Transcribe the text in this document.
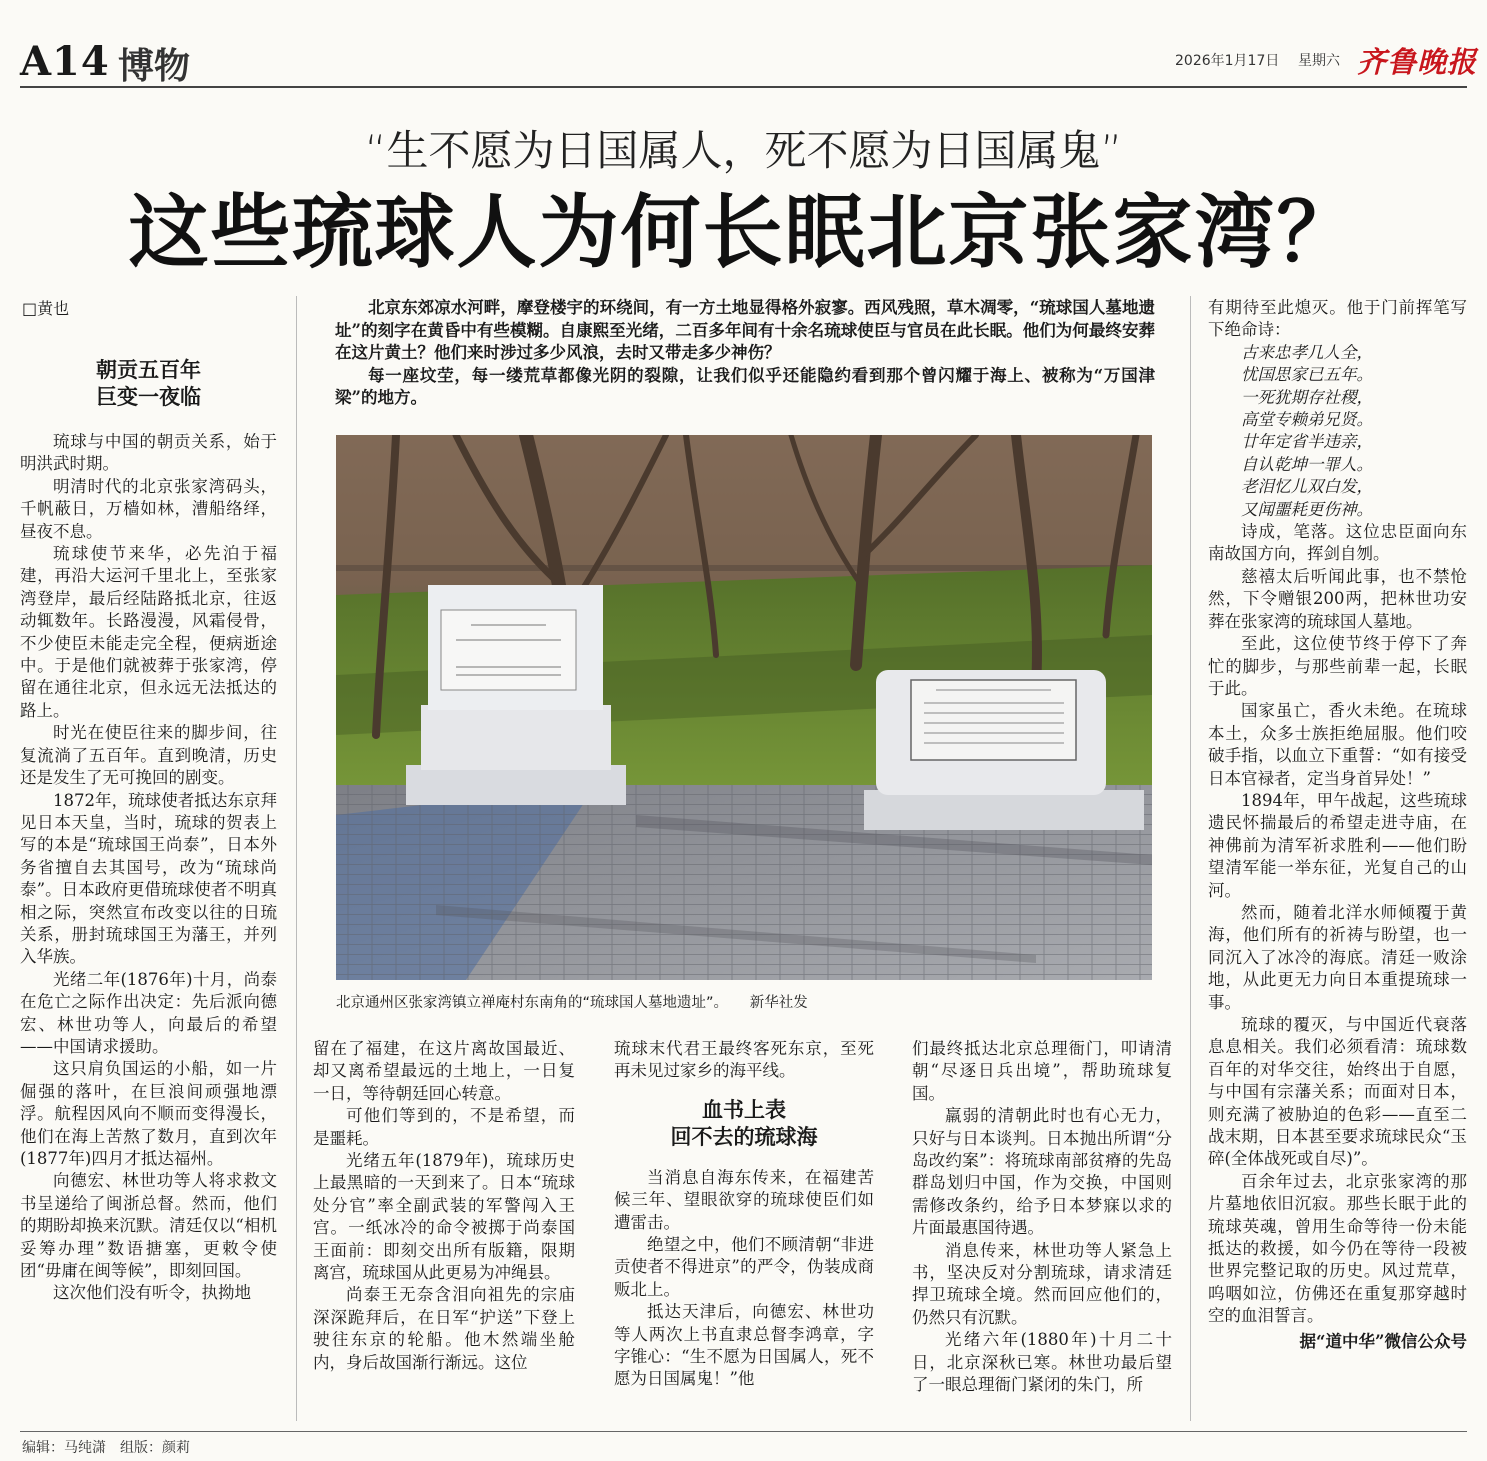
A14 博物	2026年1月17日 星期六 齐鲁晚报
“生不愿为日国属人，死不愿为日国属鬼”
这些琉球人为何长眠北京张家湾？
□黄也
朝贡五百年
巨变一夜临

琉球与中国的朝贡关系，始于明洪武时期。

明清时代的北京张家湾码头，千帆蔽日，万樯如林，漕船络绎，昼夜不息。

琉球使节来华，必先泊于福建，再沿大运河千里北上，至张家湾登岸，最后经陆路抵北京，往返动辄数年。长路漫漫，风霜侵骨，不少使臣未能走完全程，便病逝途中。于是他们就被葬于张家湾，停留在通往北京，但永远无法抵达的路上。

时光在使臣往来的脚步间，往复流淌了五百年。直到晚清，历史还是发生了无可挽回的剧变。

1872年，琉球使者抵达东京拜见日本天皇，当时，琉球的贺表上写的本是“琉球国王尚泰”，日本外务省擅自去其国号，改为“琉球尚泰”。日本政府更借琉球使者不明真相之际，突然宣布改变以往的日琉关系，册封琉球国王为藩王，并列入华族。

光绪二年(1876年)十月，尚泰在危亡之际作出决定：先后派向德宏、林世功等人，向最后的希望——中国请求援助。

这只肩负国运的小船，如一片倔强的落叶，在巨浪间顽强地漂浮。航程因风向不顺而变得漫长，他们在海上苦熬了数月，直到次年(1877年)四月才抵达福州。

向德宏、林世功等人将求救文书呈递给了闽浙总督。然而，他们的期盼却换来沉默。清廷仅以“相机妥筹办理”数语搪塞，更敕令使团“毋庸在闽等候”，即刻回国。

这次他们没有听令，执拗地

北京东郊凉水河畔，摩登楼宇的环绕间，有一方土地显得格外寂寥。西风残照，草木凋零，“琉球国人墓地遗址”的刻字在黄昏中有些模糊。自康熙至光绪，二百多年间有十余名琉球使臣与官员在此长眠。他们为何最终安葬在这片黄土？他们来时涉过多少风浪，去时又带走多少神伤？

每一座坟茔，每一缕荒草都像光阴的裂隙，让我们似乎还能隐约看到那个曾闪耀于海上、被称为“万国津梁”的地方。

北京通州区张家湾镇立禅庵村东南角的“琉球国人墓地遗址”。　　新华社发

留在了福建，在这片离故国最近、却又离希望最远的土地上，一日复一日，等待朝廷回心转意。

可他们等到的，不是希望，而是噩耗。

光绪五年(1879年)，琉球历史上最黑暗的一天到来了。日本“琉球处分官”率全副武装的军警闯入王宫。一纸冰冷的命令被掷于尚泰国王面前：即刻交出所有版籍，限期离宫，琉球国从此更易为冲绳县。

尚泰王无奈含泪向祖先的宗庙深深跪拜后，在日军“护送”下登上驶往东京的轮船。他木然端坐舱内，身后故国渐行渐远。这位

琉球末代君王最终客死东京，至死再未见过家乡的海平线。

血书上表
回不去的琉球海

当消息自海东传来，在福建苦候三年、望眼欲穿的琉球使臣们如遭雷击。

绝望之中，他们不顾清朝“非进贡使者不得进京”的严令，伪装成商贩北上。

抵达天津后，向德宏、林世功等人两次上书直隶总督李鸿章，字字锥心：“生不愿为日国属人，死不愿为日国属鬼！”他

们最终抵达北京总理衙门，叩请清朝“尽逐日兵出境”，帮助琉球复国。

羸弱的清朝此时也有心无力，只好与日本谈判。日本抛出所谓“分岛改约案”：将琉球南部贫瘠的先岛群岛划归中国，作为交换，中国则需修改条约，给予日本梦寐以求的片面最惠国待遇。

消息传来，林世功等人紧急上书，坚决反对分割琉球，请求清廷捍卫琉球全境。然而回应他们的，仍然只有沉默。

光绪六年(1880年)十月二十日，北京深秋已寒。林世功最后望了一眼总理衙门紧闭的朱门，所

有期待至此熄灭。他于门前挥笔写下绝命诗：

古来忠孝几人全，

忧国思家已五年。

一死犹期存社稷，

高堂专赖弟兄贤。

廿年定省半违亲，

自认乾坤一罪人。

老泪忆儿双白发，

又闻噩耗更伤神。

诗成，笔落。这位忠臣面向东南故国方向，挥剑自刎。

慈禧太后听闻此事，也不禁怆然，下令赠银200两，把林世功安葬在张家湾的琉球国人墓地。

至此，这位使节终于停下了奔忙的脚步，与那些前辈一起，长眠于此。

国家虽亡，香火未绝。在琉球本土，众多士族拒绝屈服。他们咬破手指，以血立下重誓：“如有接受日本官禄者，定当身首异处！”

1894年，甲午战起，这些琉球遗民怀揣最后的希望走进寺庙，在神佛前为清军祈求胜利——他们盼望清军能一举东征，光复自己的山河。

然而，随着北洋水师倾覆于黄海，他们所有的祈祷与盼望，也一同沉入了冰冷的海底。清廷一败涂地，从此更无力向日本重提琉球一事。

琉球的覆灭，与中国近代衰落息息相关。我们必须看清：琉球数百年的对华交往，始终出于自愿，与中国有宗藩关系；而面对日本，则充满了被胁迫的色彩——直至二战末期，日本甚至要求琉球民众“玉碎(全体战死或自尽)”。

百余年过去，北京张家湾的那片墓地依旧沉寂。那些长眠于此的琉球英魂，曾用生命等待一份未能抵达的救援，如今仍在等待一段被世界完整记取的历史。风过荒草，呜咽如泣，仿佛还在重复那穿越时空的血泪誓言。

据“道中华”微信公众号
编辑：马纯潇　组版：颜莉
